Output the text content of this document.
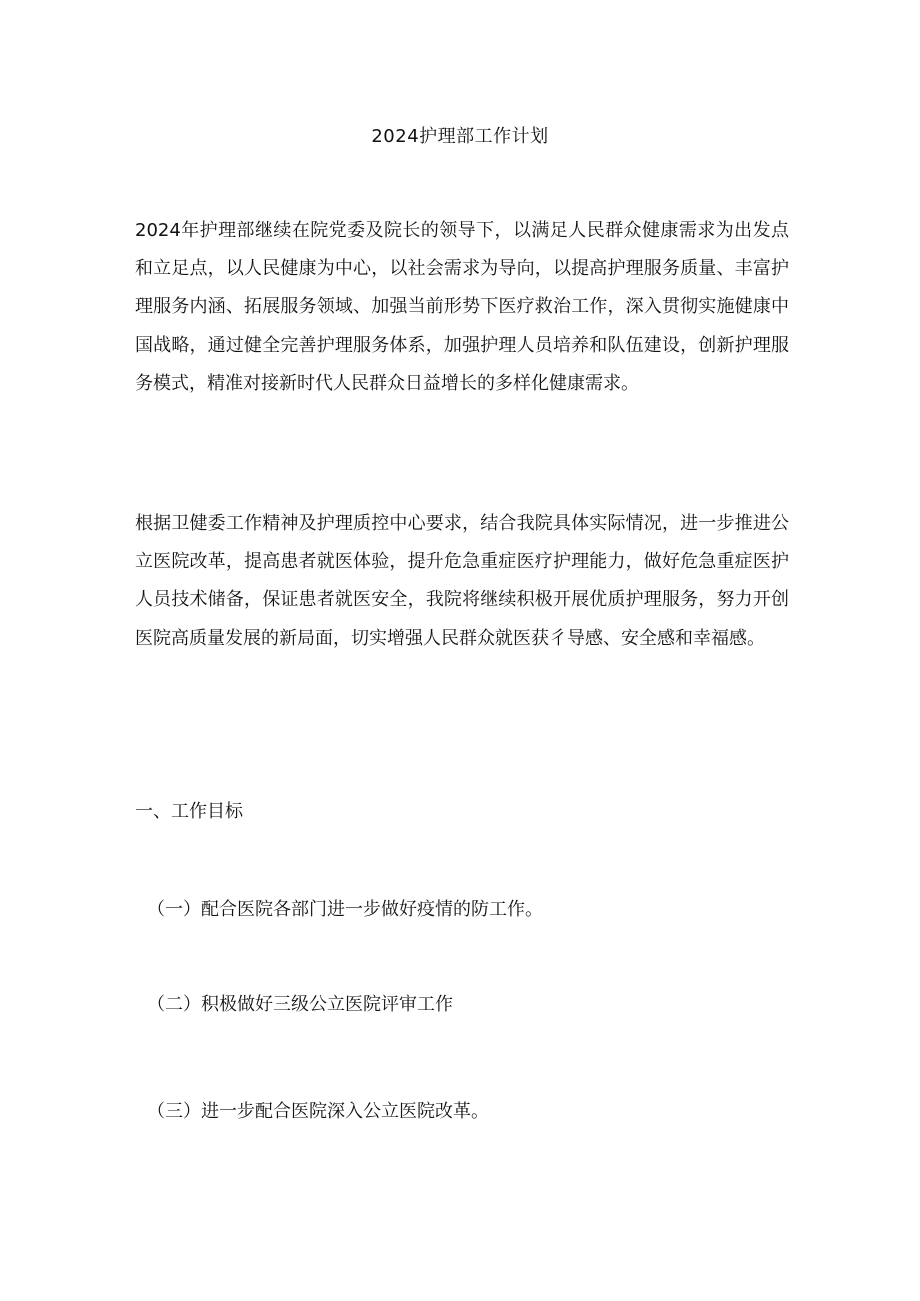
2024护理部工作计划

2024年护理部继续在院党委及院长的领导下，以满足人民群众健康需求为出发点和立足点，以人民健康为中心，以社会需求为导向，以提高护理服务质量、丰富护理服务内涵、拓展服务领域、加强当前形势下医疗救治工作，深入贯彻实施健康中国战略，通过健全完善护理服务体系，加强护理人员培养和队伍建设，创新护理服务模式，精准对接新时代人民群众日益增长的多样化健康需求。

根据卫健委工作精神及护理质控中心要求，结合我院具体实际情况，进一步推进公立医院改革，提高患者就医体验，提升危急重症医疗护理能力，做好危急重症医护人员技术储备，保证患者就医安全，我院将继续积极开展优质护理服务，努力开创医院高质量发展的新局面，切实增强人民群众就医获彳导感、安全感和幸福感。

一、工作目标
（一）配合医院各部门进一步做好疫情的防工作。
（二）积极做好三级公立医院评审工作
（三）进一步配合医院深入公立医院改革。
